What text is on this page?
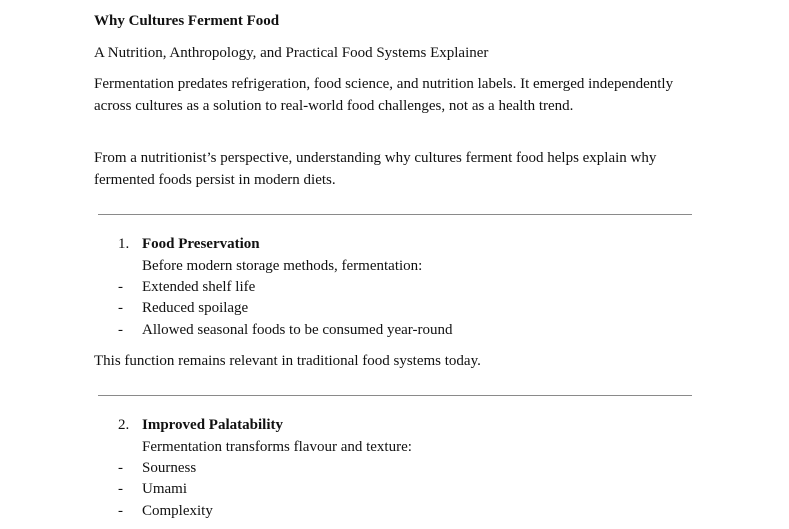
Why Cultures Ferment Food
A Nutrition, Anthropology, and Practical Food Systems Explainer

Fermentation predates refrigeration, food science, and nutrition labels. It emerged independently across cultures as a solution to real-world food challenges, not as a health trend.

From a nutritionist’s perspective, understanding why cultures ferment food helps explain why fermented foods persist in modern diets.

1. Food Preservation
Before modern storage methods, fermentation:
- Extended shelf life
- Reduced spoilage
- Allowed seasonal foods to be consumed year-round
This function remains relevant in traditional food systems today.
2. Improved Palatability
Fermentation transforms flavour and texture:
- Sourness
- Umami
- Complexity
